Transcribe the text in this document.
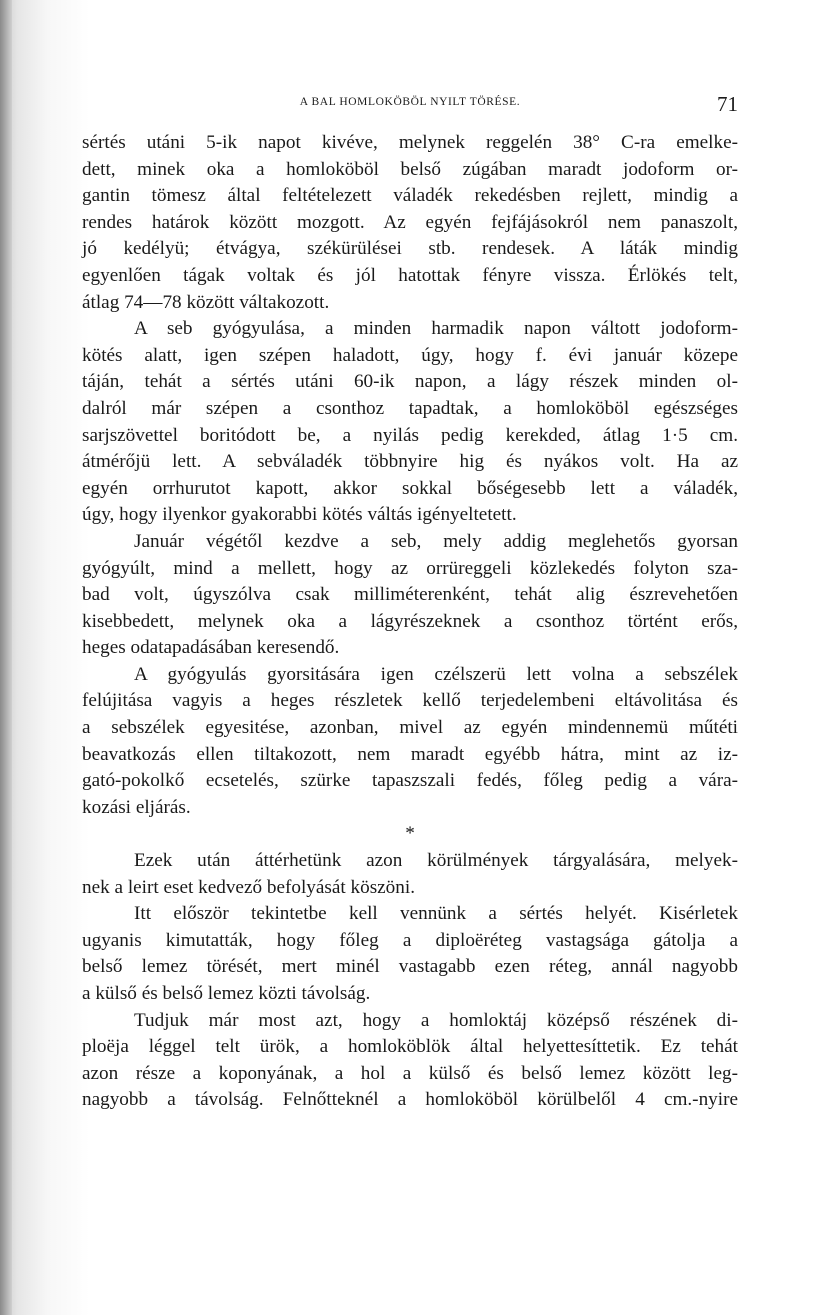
A BAL HOMLOKÖBÖL NYILT TÖRÉSE.	71
sértés utáni 5-ik napot kivéve, melynek reggelén 38° C-ra emelke-
dett, minek oka a homloköböl belső zúgában maradt jodoform or-
gantin tömesz által feltételezett váladék rekedésben rejlett, mindig a
rendes határok között mozgott. Az egyén fejfájásokról nem panaszolt,
jó kedélyü; étvágya, székürülései stb. rendesek. A láták mindig
egyenlően tágak voltak és jól hatottak fényre vissza. Érlökés telt,
átlag 74—78 között váltakozott.
A seb gyógyulása, a minden harmadik napon váltott jodoform-
kötés alatt, igen szépen haladott, úgy, hogy f. évi január közepe
táján, tehát a sértés utáni 60-ik napon, a lágy részek minden ol-
dalról már szépen a csonthoz tapadtak, a homloköböl egészséges
sarjszövettel boritódott be, a nyilás pedig kerekded, átlag 1·5 cm.
átmérőjü lett. A sebváladék többnyire hig és nyákos volt. Ha az
egyén orrhurutot kapott, akkor sokkal bőségesebb lett a váladék,
úgy, hogy ilyenkor gyakorabbi kötés váltás igényeltetett.
Január végétől kezdve a seb, mely addig meglehetős gyorsan
gyógyúlt, mind a mellett, hogy az orrüreggeli közlekedés folyton sza-
bad volt, úgyszólva csak milliméterenként, tehát alig észrevehetően
kisebbedett, melynek oka a lágyrészeknek a csonthoz történt erős,
heges odatapadásában keresendő.
A gyógyulás gyorsitására igen czélszerü lett volna a sebszélek
felújitása vagyis a heges részletek kellő terjedelembeni eltávolitása és
a sebszélek egyesitése, azonban, mivel az egyén mindennemü műtéti
beavatkozás ellen tiltakozott, nem maradt egyébb hátra, mint az iz-
gató-pokolkő ecsetelés, szürke tapaszszali fedés, főleg pedig a vára-
kozási eljárás.
*
Ezek után áttérhetünk azon körülmények tárgyalására, melyek-
nek a leirt eset kedvező befolyását köszöni.
Itt először tekintetbe kell vennünk a sértés helyét. Kisérletek
ugyanis kimutatták, hogy főleg a diploëréteg vastagsága gátolja a
belső lemez törését, mert minél vastagabb ezen réteg, annál nagyobb
a külső és belső lemez közti távolság.
Tudjuk már most azt, hogy a homloktáj középső részének di-
ploëja léggel telt ürök, a homloköblök által helyettesíttetik. Ez tehát
azon része a koponyának, a hol a külső és belső lemez között leg-
nagyobb a távolság. Felnőtteknél a homloköböl körülbelől 4 cm.-nyire
